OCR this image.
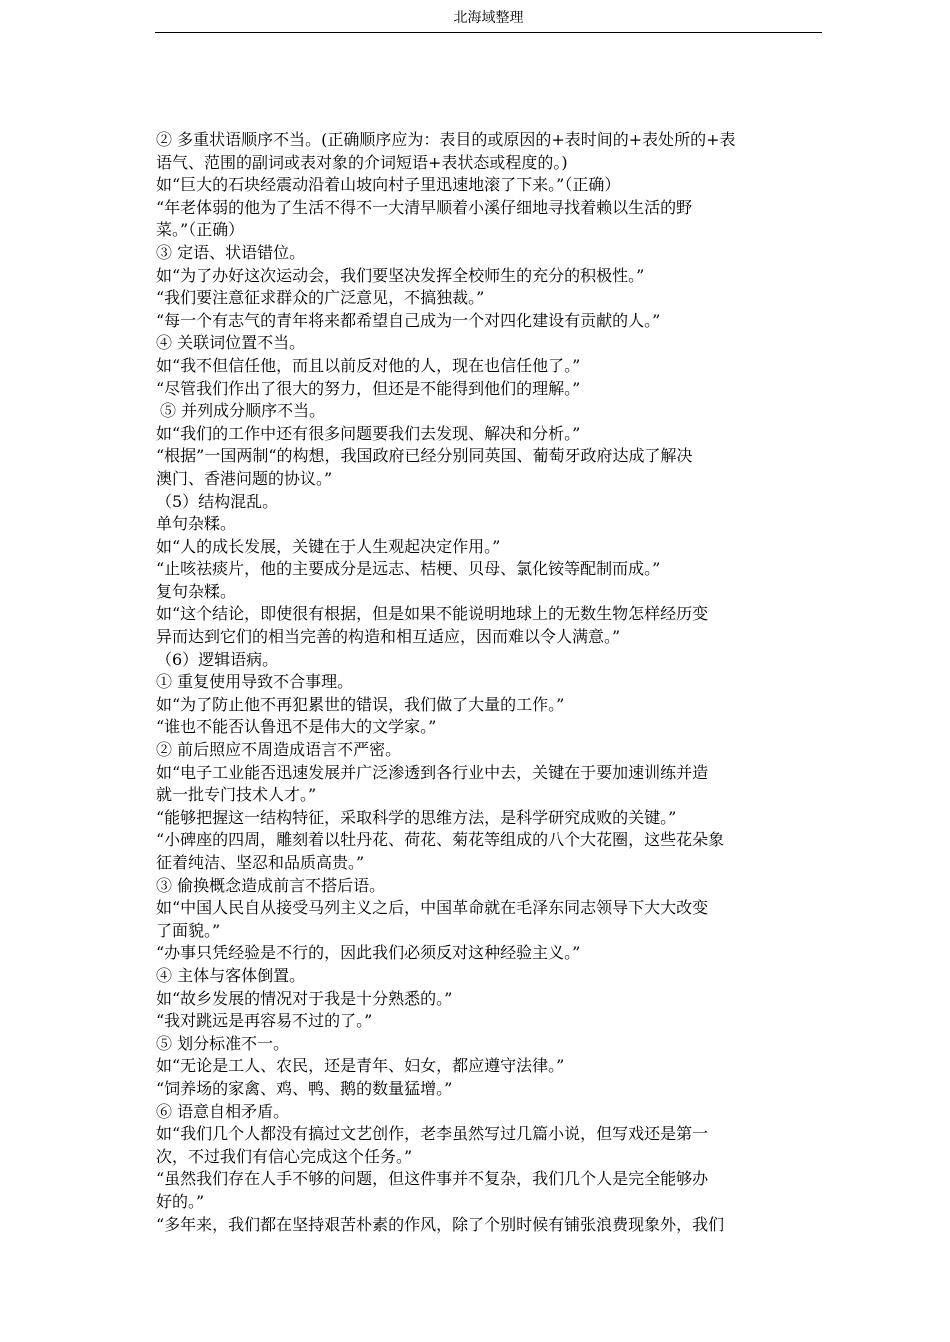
北海域整理
② 多重状语顺序不当。(正确顺序应为：表目的或原因的+表时间的+表处所的+表
语气、范围的副词或表对象的介词短语+表状态或程度的。)
如“巨大的石块经震动沿着山坡向村子里迅速地滚了下来。”（正确）
“年老体弱的他为了生活不得不一大清早顺着小溪仔细地寻找着赖以生活的野
菜。”（正确）
③ 定语、状语错位。
如“为了办好这次运动会，我们要坚决发挥全校师生的充分的积极性。”
“我们要注意征求群众的广泛意见，不搞独裁。”
“每一个有志气的青年将来都希望自己成为一个对四化建设有贡献的人。”
④ 关联词位置不当。
如“我不但信任他，而且以前反对他的人，现在也信任他了。”
“尽管我们作出了很大的努力，但还是不能得到他们的理解。”
⑤ 并列成分顺序不当。
如“我们的工作中还有很多问题要我们去发现、解决和分析。”
“根据”一国两制“的构想，我国政府已经分别同英国、葡萄牙政府达成了解决
澳门、香港问题的协议。”
（5）结构混乱。
单句杂糅。
如“人的成长发展，关键在于人生观起决定作用。”
“止咳祛痰片，他的主要成分是远志、桔梗、贝母、氯化铵等配制而成。”
复句杂糅。
如“这个结论，即使很有根据，但是如果不能说明地球上的无数生物怎样经历变
异而达到它们的相当完善的构造和相互适应，因而难以令人满意。”
（6）逻辑语病。
① 重复使用导致不合事理。
如“为了防止他不再犯累世的错误，我们做了大量的工作。”
“谁也不能否认鲁迅不是伟大的文学家。”
② 前后照应不周造成语言不严密。
如“电子工业能否迅速发展并广泛渗透到各行业中去，关键在于要加速训练并造
就一批专门技术人才。”
“能够把握这一结构特征，采取科学的思维方法，是科学研究成败的关键。”
“小碑座的四周，雕刻着以牡丹花、荷花、菊花等组成的八个大花圈，这些花朵象
征着纯洁、坚忍和品质高贵。”
③ 偷换概念造成前言不搭后语。
如“中国人民自从接受马列主义之后，中国革命就在毛泽东同志领导下大大改变
了面貌。”
“办事只凭经验是不行的，因此我们必须反对这种经验主义。”
④ 主体与客体倒置。
如“故乡发展的情况对于我是十分熟悉的。”
“我对跳远是再容易不过的了。”
⑤ 划分标准不一。
如“无论是工人、农民，还是青年、妇女，都应遵守法律。”
“饲养场的家禽、鸡、鸭、鹅的数量猛增。”
⑥ 语意自相矛盾。
如“我们几个人都没有搞过文艺创作，老李虽然写过几篇小说，但写戏还是第一
次，不过我们有信心完成这个任务。”
“虽然我们存在人手不够的问题，但这件事并不复杂，我们几个人是完全能够办
好的。”
“多年来，我们都在坚持艰苦朴素的作风，除了个别时候有铺张浪费现象外，我们
